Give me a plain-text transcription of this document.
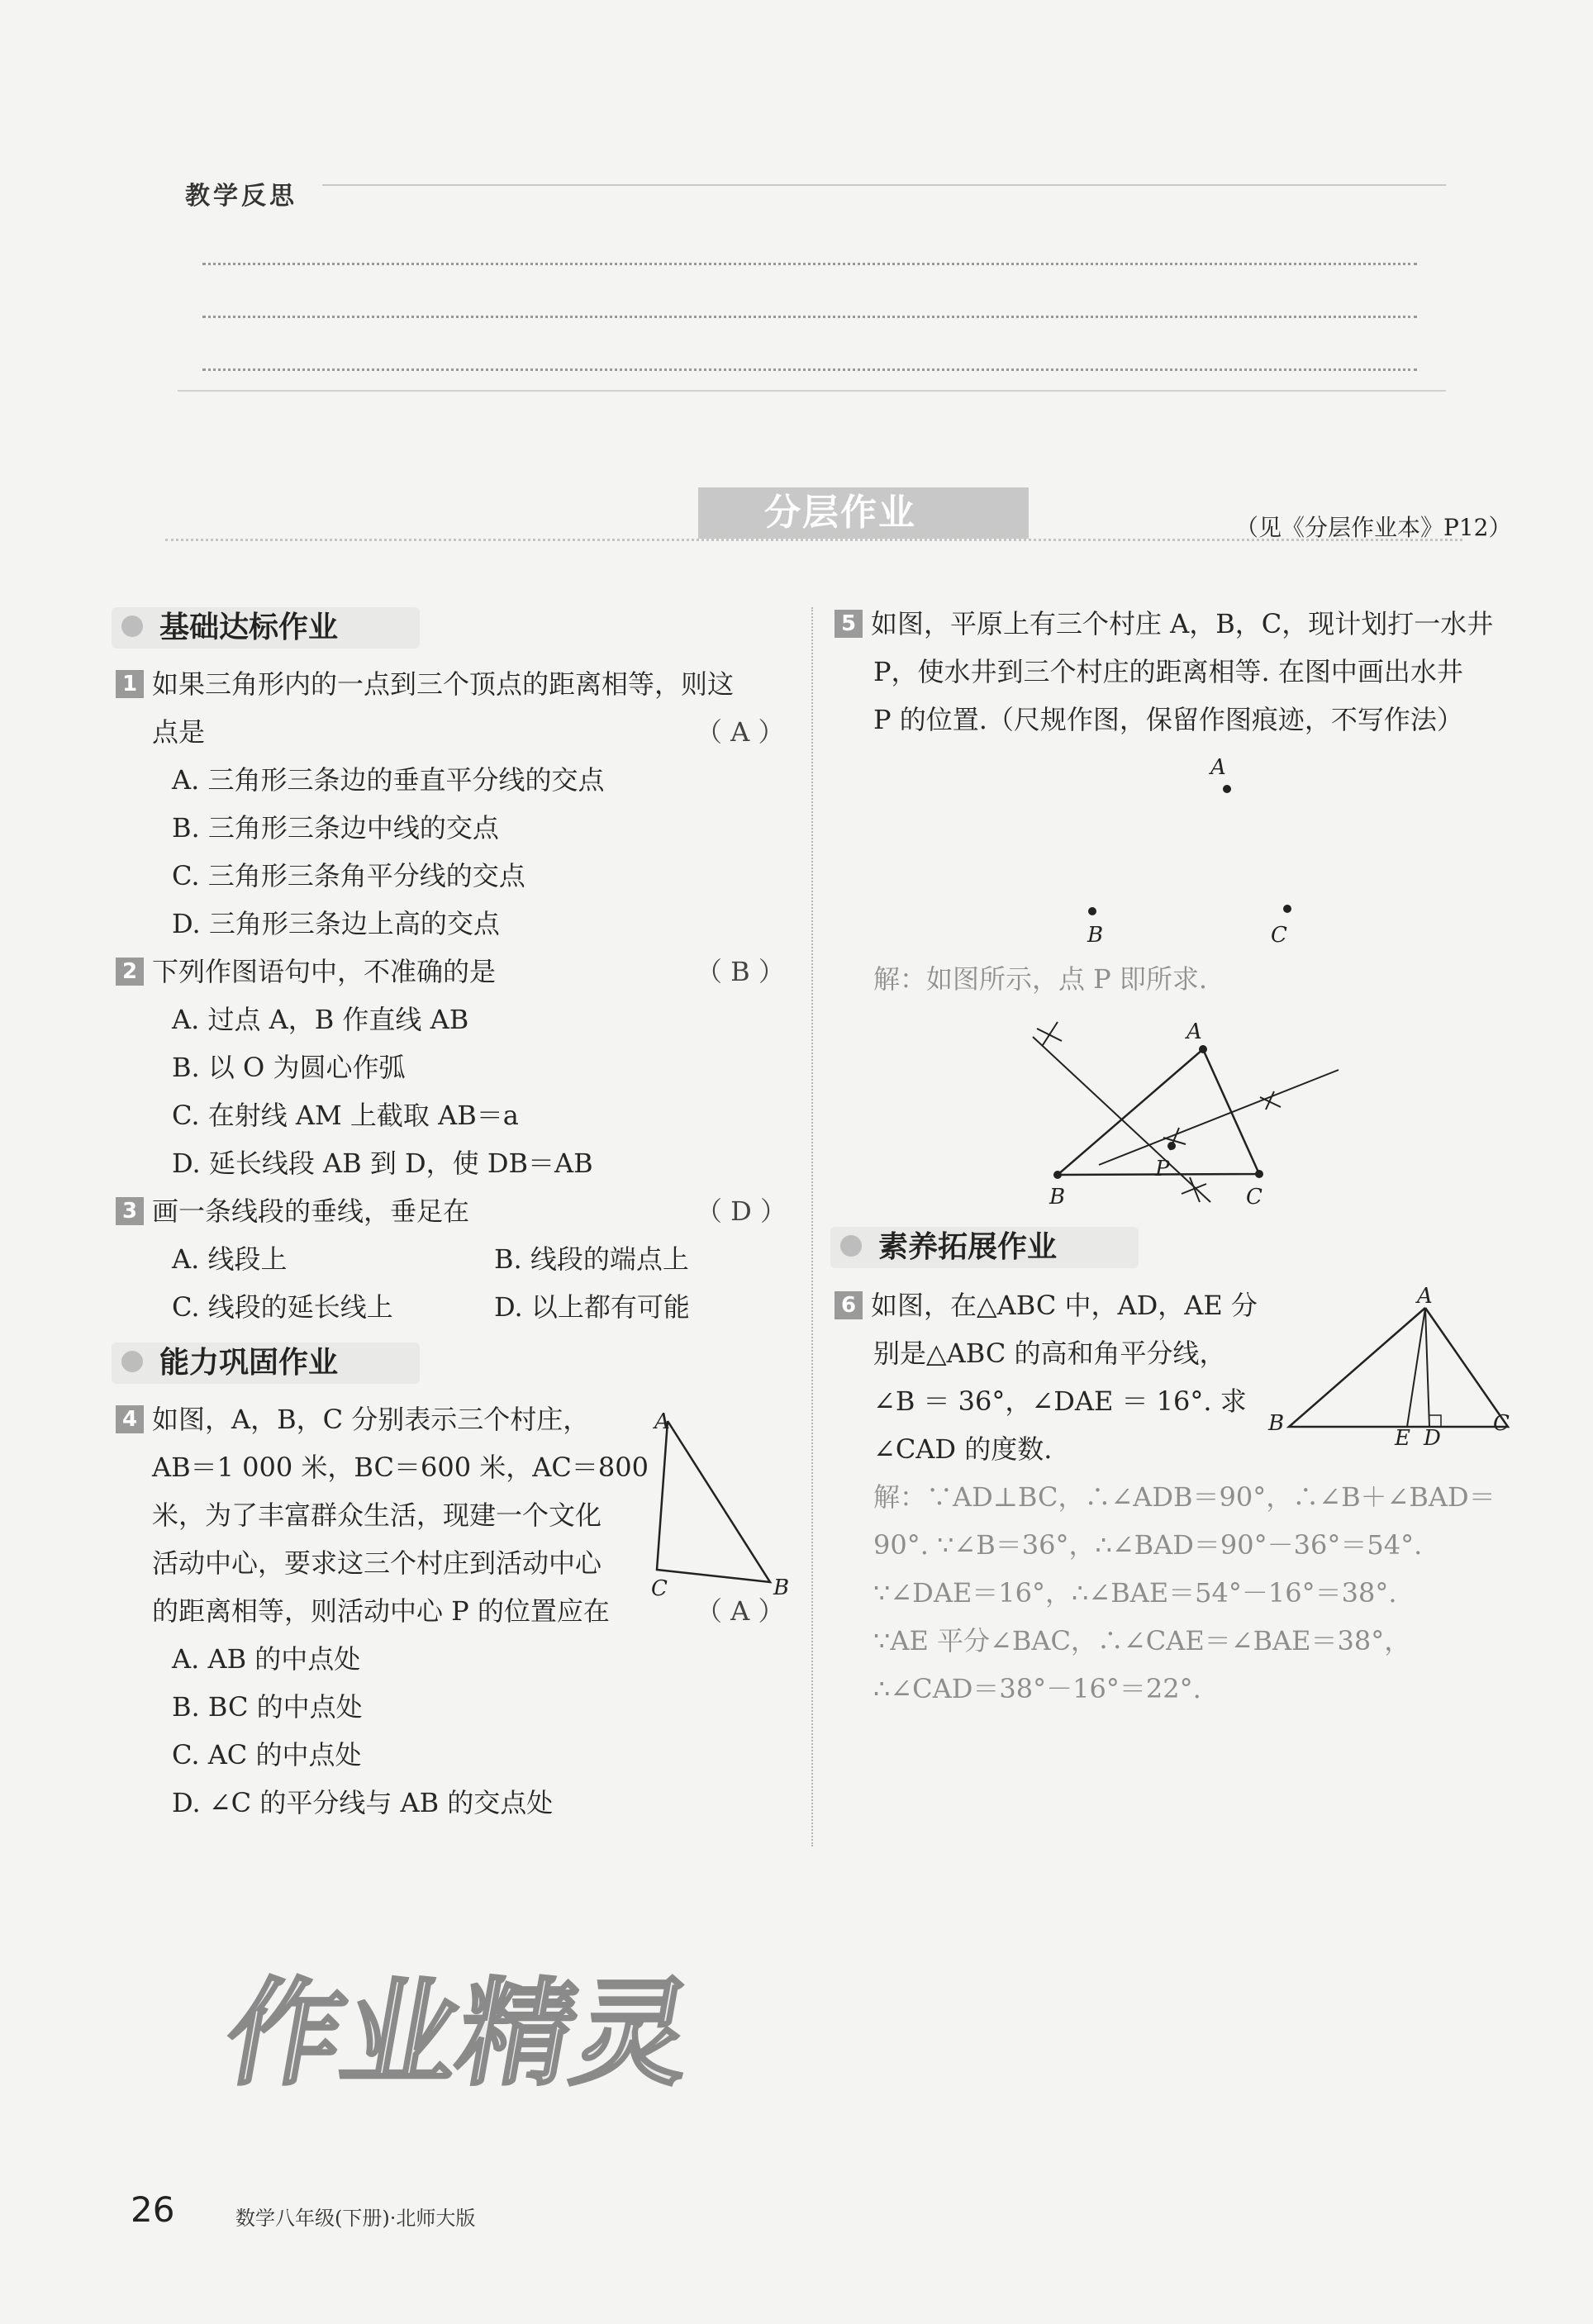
教学反思
分层作业	（见《分层作业本》P12）
基础达标作业
1 如果三角形内的一点到三个顶点的距离相等，则这
点是	（ A ）
A. 三角形三条边的垂直平分线的交点
B. 三角形三条边中线的交点
C. 三角形三条角平分线的交点
D. 三角形三条边上高的交点
2 下列作图语句中，不准确的是	（ B ）
A. 过点 A，B 作直线 AB
B. 以 O 为圆心作弧
C. 在射线 AM 上截取 AB＝a
D. 延长线段 AB 到 D，使 DB＝AB
3 画一条线段的垂线，垂足在	（ D ）
A. 线段上	B. 线段的端点上
C. 线段的延长线上	D. 以上都有可能
能力巩固作业
4 如图，A，B，C 分别表示三个村庄，
AB＝1 000 米，BC＝600 米，AC＝800
米，为了丰富群众生活，现建一个文化
活动中心，要求这三个村庄到活动中心
的距离相等，则活动中心 P 的位置应在	（ A ）
A. AB 的中点处
B. BC 的中点处
C. AC 的中点处
D. ∠C 的平分线与 AB 的交点处
A
B
C
5 如图，平原上有三个村庄 A，B，C，现计划打一水井
P，使水井到三个村庄的距离相等. 在图中画出水井
P 的位置.（尺规作图，保留作图痕迹，不写作法）
A
B	C
解：如图所示，点 P 即所求.
A
B	C
P
素养拓展作业
6 如图，在△ABC 中，AD，AE 分
别是△ABC 的高和角平分线，
∠B ＝ 36°，∠DAE ＝ 16°. 求
∠CAD 的度数.
A
B	C
D
E
解：∵AD⊥BC，∴∠ADB＝90°，∴∠B＋∠BAD＝
90°. ∵∠B＝36°，∴∠BAD＝90°－36°＝54°.
∵∠DAE＝16°，∴∠BAE＝54°－16°＝38°.
∵AE 平分∠BAC，∴∠CAE＝∠BAE＝38°，
∴∠CAD＝38°－16°＝22°.
作业精灵
26	数学八年级(下册)·北师大版
